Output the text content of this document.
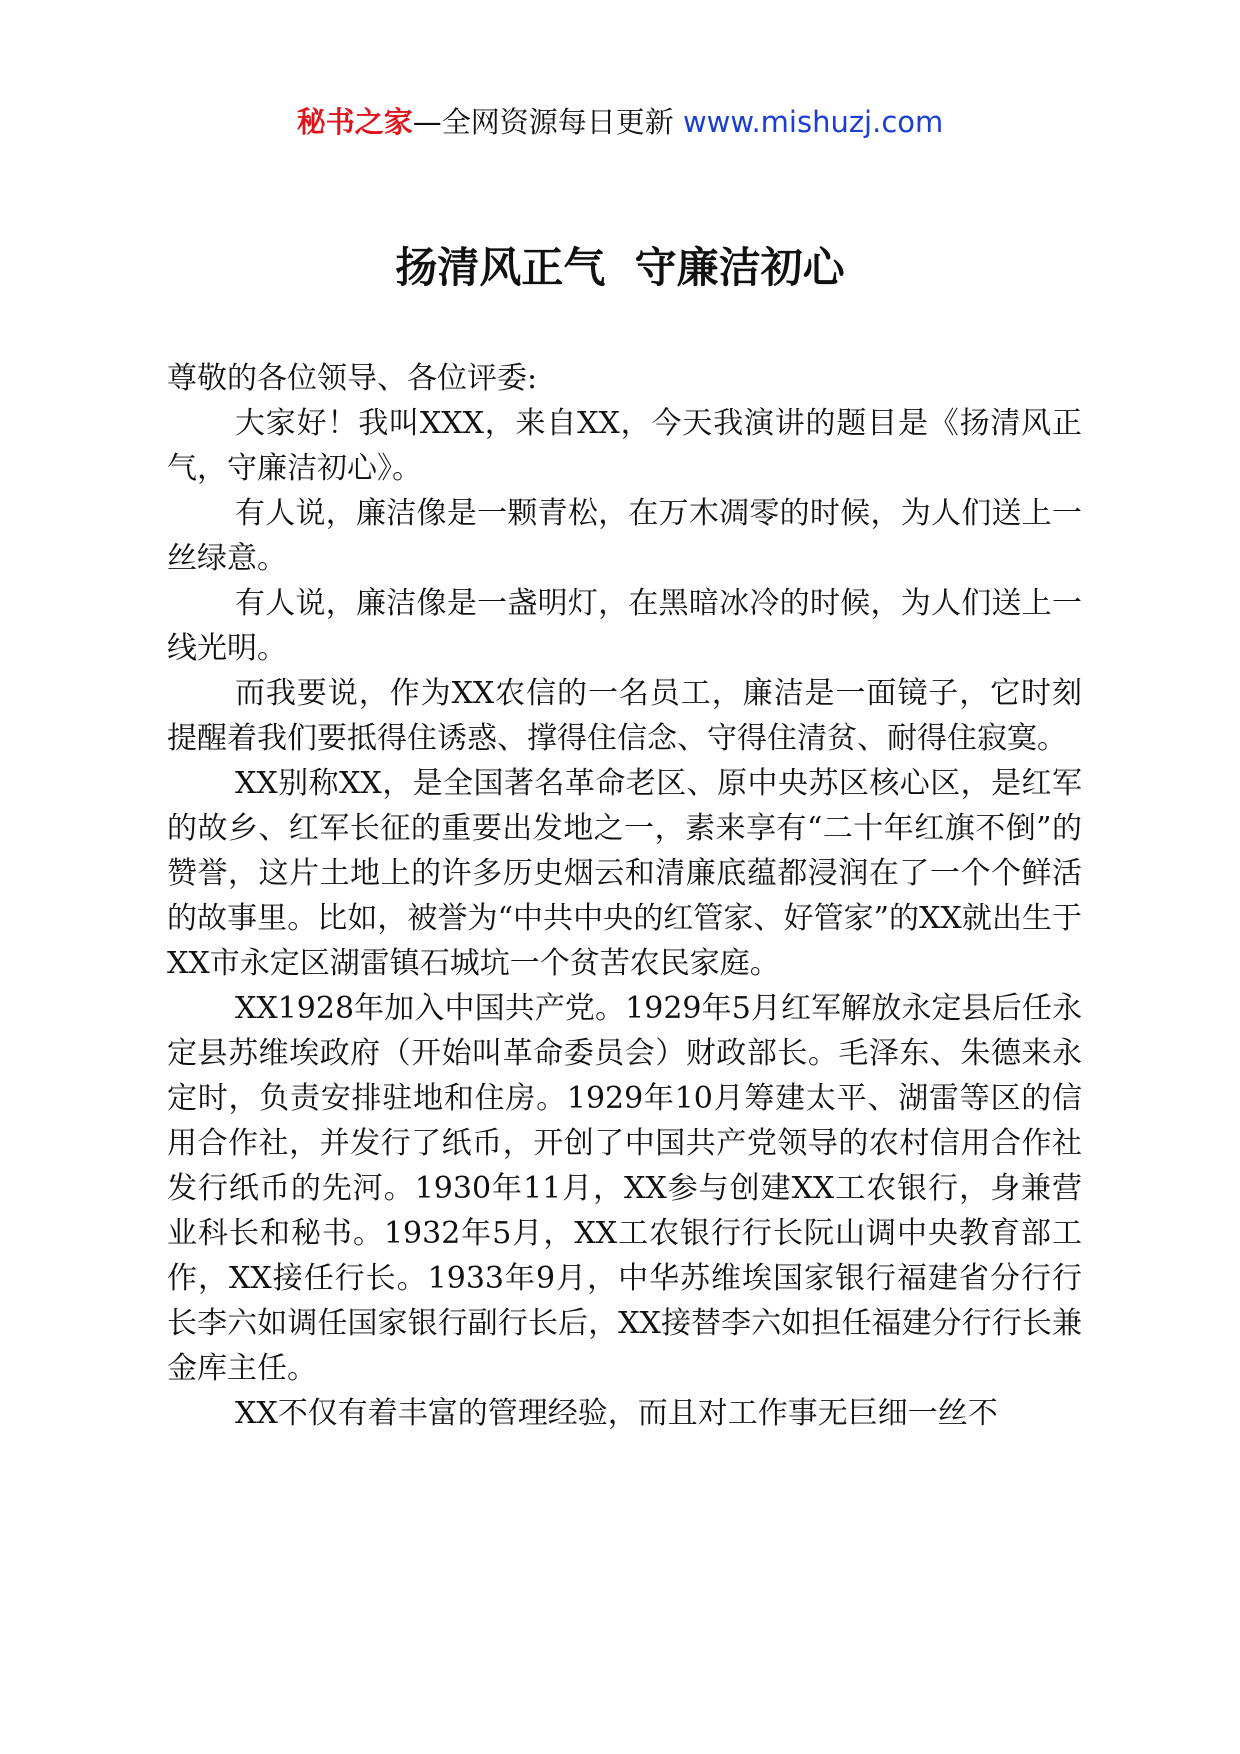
秘书之家—全网资源每日更新 www.mishuzj.com
扬清风正气  守廉洁初心

尊敬的各位领导、各位评委:

大家好！我叫XXX，来自XX，今天我演讲的题目是《扬清风正气，守廉洁初心》。

有人说，廉洁像是一颗青松，在万木凋零的时候，为人们送上一丝绿意。

有人说，廉洁像是一盏明灯，在黑暗冰冷的时候，为人们送上一线光明。

而我要说，作为XX农信的一名员工，廉洁是一面镜子，它时刻提醒着我们要抵得住诱惑、撑得住信念、守得住清贫、耐得住寂寞。

XX别称XX，是全国著名革命老区、原中央苏区核心区，是红军的故乡、红军长征的重要出发地之一，素来享有“二十年红旗不倒”的赞誉，这片土地上的许多历史烟云和清廉底蕴都浸润在了一个个鲜活的故事里。比如，被誉为“中共中央的红管家、好管家”的XX就出生于XX市永定区湖雷镇石城坑一个贫苦农民家庭。

XX1928年加入中国共产党。1929年5月红军解放永定县后任永定县苏维埃政府（开始叫革命委员会）财政部长。毛泽东、朱德来永定时，负责安排驻地和住房。1929年10月筹建太平、湖雷等区的信用合作社，并发行了纸币，开创了中国共产党领导的农村信用合作社发行纸币的先河。1930年11月，XX参与创建XX工农银行，身兼营业科长和秘书。1932年5月，XX工农银行行长阮山调中央教育部工作，XX接任行长。1933年9月，中华苏维埃国家银行福建省分行行长李六如调任国家银行副行长后，XX接替李六如担任福建分行行长兼金库主任。

XX不仅有着丰富的管理经验，而且对工作事无巨细一丝不
